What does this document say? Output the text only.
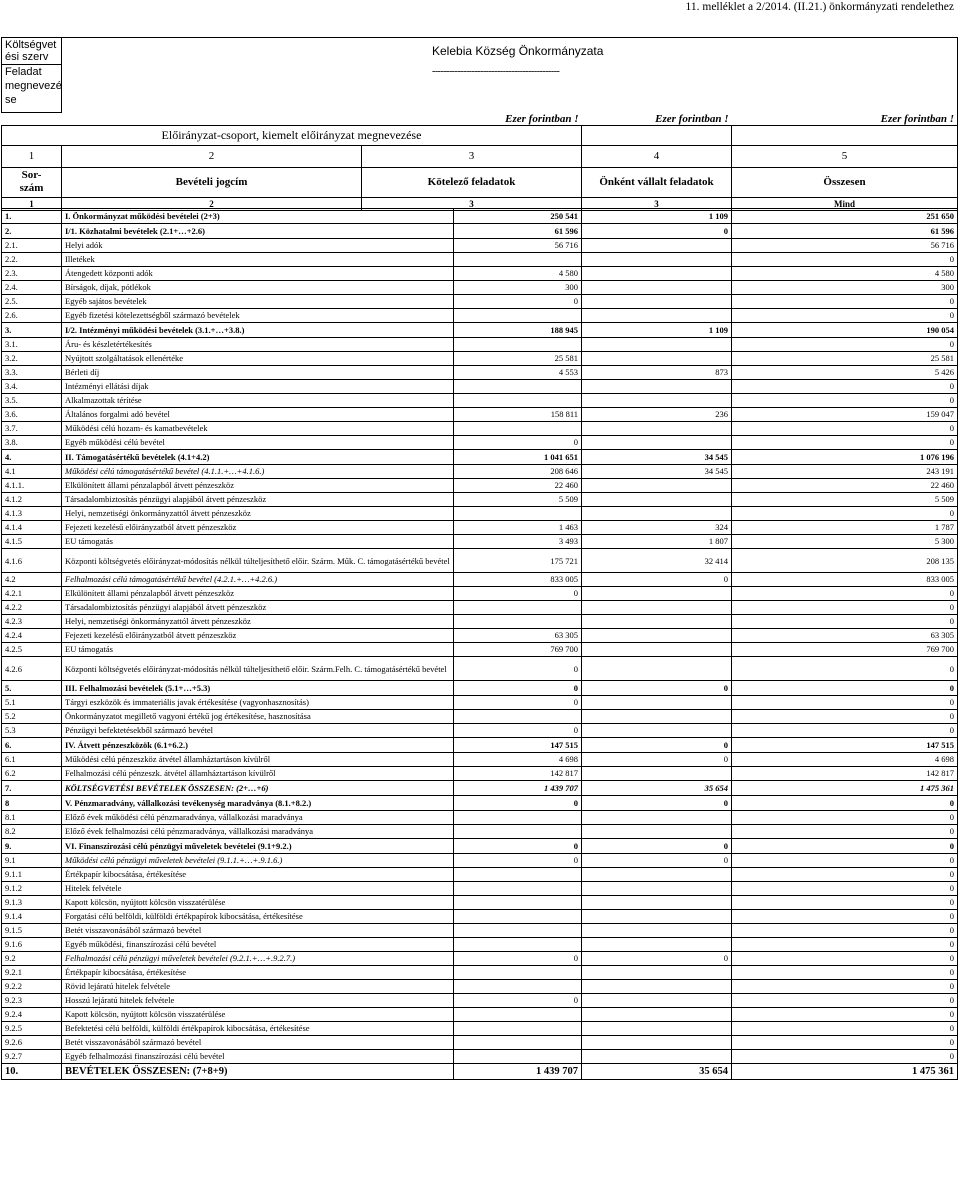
11. melléklet a 2/2014. (II.21.) önkormányzati rendelethez
Költségvet
ési szerv	Kelebia Község Önkormányzata			
Feladat
megnevezé
se	---------------------------------------------			
		Ezer forintban !	Ezer forintban !	Ezer forintban !
Előirányzat-csoport, kiemelt előirányzat megnevezése				
1	2	3	4	5
Sor-
szám	Bevételi jogcím	Kötelező feladatok	Önként vállalt feladatok	Összesen
1	2	3	3	Mind
1.	I. Önkormányzat működési bevételei (2+3)	250 541	1 109	251 650
2.	I/1. Közhatalmi bevételek (2.1+…+2.6)	61 596	0	61 596
2.1.	Helyi adók	56 716		56 716
2.2.	Illetékek			0
2.3.	Átengedett központi adók	4 580		4 580
2.4.	Bírságok, díjak, pótlékok	300		300
2.5.	Egyéb sajátos bevételek	0		0
2.6.	Egyéb fizetési kötelezettségből származó bevételek			0
3.	I/2. Intézményi működési bevételek (3.1.+…+3.8.)	188 945	1 109	190 054
3.1.	Áru- és készletértékesítés			0
3.2.	Nyújtott szolgáltatások ellenértéke	25 581		25 581
3.3.	Bérleti díj	4 553	873	5 426
3.4.	Intézményi ellátási díjak			0
3.5.	Alkalmazottak térítése			0
3.6.	Általános forgalmi adó bevétel	158 811	236	159 047
3.7.	Működési célú hozam- és kamatbevételek			0
3.8.	Egyéb működési célú bevétel	0		0
4.	II. Támogatásértékű bevételek (4.1+4.2)	1 041 651	34 545	1 076 196
4.1	Működési célú támogatásértékű bevétel (4.1.1.+…+4.1.6.)	208 646	34 545	243 191
4.1.1.	Elkülönített állami pénzalapból átvett pénzeszköz	22 460		22 460
4.1.2	Társadalombiztosítás pénzügyi alapjából átvett pénzeszköz	5 509		5 509
4.1.3	Helyi, nemzetiségi önkormányzattól átvett pénzeszköz			0
4.1.4	Fejezeti kezelésű előirányzatból átvett pénzeszköz	1 463	324	1 787
4.1.5	EU támogatás	3 493	1 807	5 300
4.1.6	Központi költségvetés előirányzat-módosítás nélkül túlteljesíthető előir. Szárm. Műk. C. támogatásértékű bevétel	175 721	32 414	208 135
4.2	Felhalmozási célú támogatásértékű bevétel (4.2.1.+…+4.2.6.)	833 005	0	833 005
4.2.1	Elkülönített állami pénzalapból átvett pénzeszköz	0		0
4.2.2	Társadalombiztosítás pénzügyi alapjából átvett pénzeszköz			0
4.2.3	Helyi, nemzetiségi önkormányzattól átvett pénzeszköz			0
4.2.4	Fejezeti kezelésű előirányzatból átvett pénzeszköz	63 305		63 305
4.2.5	EU támogatás	769 700		769 700
4.2.6	Központi költségvetés előirányzat-módosítás nélkül túlteljesíthető előir. Szárm.Felh. C. támogatásértékű bevétel	0		0
5.	III. Felhalmozási bevételek (5.1+…+5.3)	0	0	0
5.1	Tárgyi eszközök és immateriális javak értékesítése (vagyonhasznosítás)	0		0
5.2	Önkormányzatot megillető vagyoni értékű jog értékesítése, hasznosítása			0
5.3	Pénzügyi befektetésekből származó bevétel	0		0
6.	IV. Átvett pénzeszközök (6.1+6.2.)	147 515	0	147 515
6.1	Működési célú pénzeszköz átvétel államháztartáson kívülről	4 698	0	4 698
6.2	Felhalmozási célú pénzeszk. átvétel államháztartáson kívülről	142 817		142 817
7.	KÖLTSÉGVETÉSI BEVÉTELEK ÖSSZESEN: (2+…+6)	1 439 707	35 654	1 475 361
8	V. Pénzmaradvány, vállalkozási tevékenység maradványa (8.1.+8.2.)	0	0	0
8.1	Előző évek működési célú pénzmaradványa, vállalkozási maradványa			0
8.2	Előző évek felhalmozási célú pénzmaradványa, vállalkozási maradványa			0
9.	VI. Finanszírozási célú pénzügyi műveletek bevételei (9.1+9.2.)	0	0	0
9.1	Működési célú pénzügyi műveletek bevételei (9.1.1.+…+.9.1.6.)	0	0	0
9.1.1	Értékpapír kibocsátása, értékesítése			0
9.1.2	Hitelek felvétele			0
9.1.3	Kapott kölcsön, nyújtott kölcsön visszatérülése			0
9.1.4	Forgatási célú belföldi, külföldi értékpapírok kibocsátása, értékesítése			0
9.1.5	Betét visszavonásából származó bevétel			0
9.1.6	Egyéb működési, finanszírozási célú bevétel			0
9.2	Felhalmozási célú pénzügyi műveletek bevételei (9.2.1.+…+.9.2.7.)	0	0	0
9.2.1	Értékpapír kibocsátása, értékesítése			0
9.2.2	Rövid lejáratú hitelek felvétele			0
9.2.3	Hosszú lejáratú hitelek felvétele	0		0
9.2.4	Kapott kölcsön, nyújtott kölcsön visszatérülése			0
9.2.5	Befektetési célú belföldi, külföldi értékpapírok kibocsátása, értékesítése			0
9.2.6	Betét visszavonásából származó bevétel			0
9.2.7	Egyéb felhalmozási finanszírozási célú bevétel			0
10.	BEVÉTELEK ÖSSZESEN: (7+8+9)	1 439 707	35 654	1 475 361
